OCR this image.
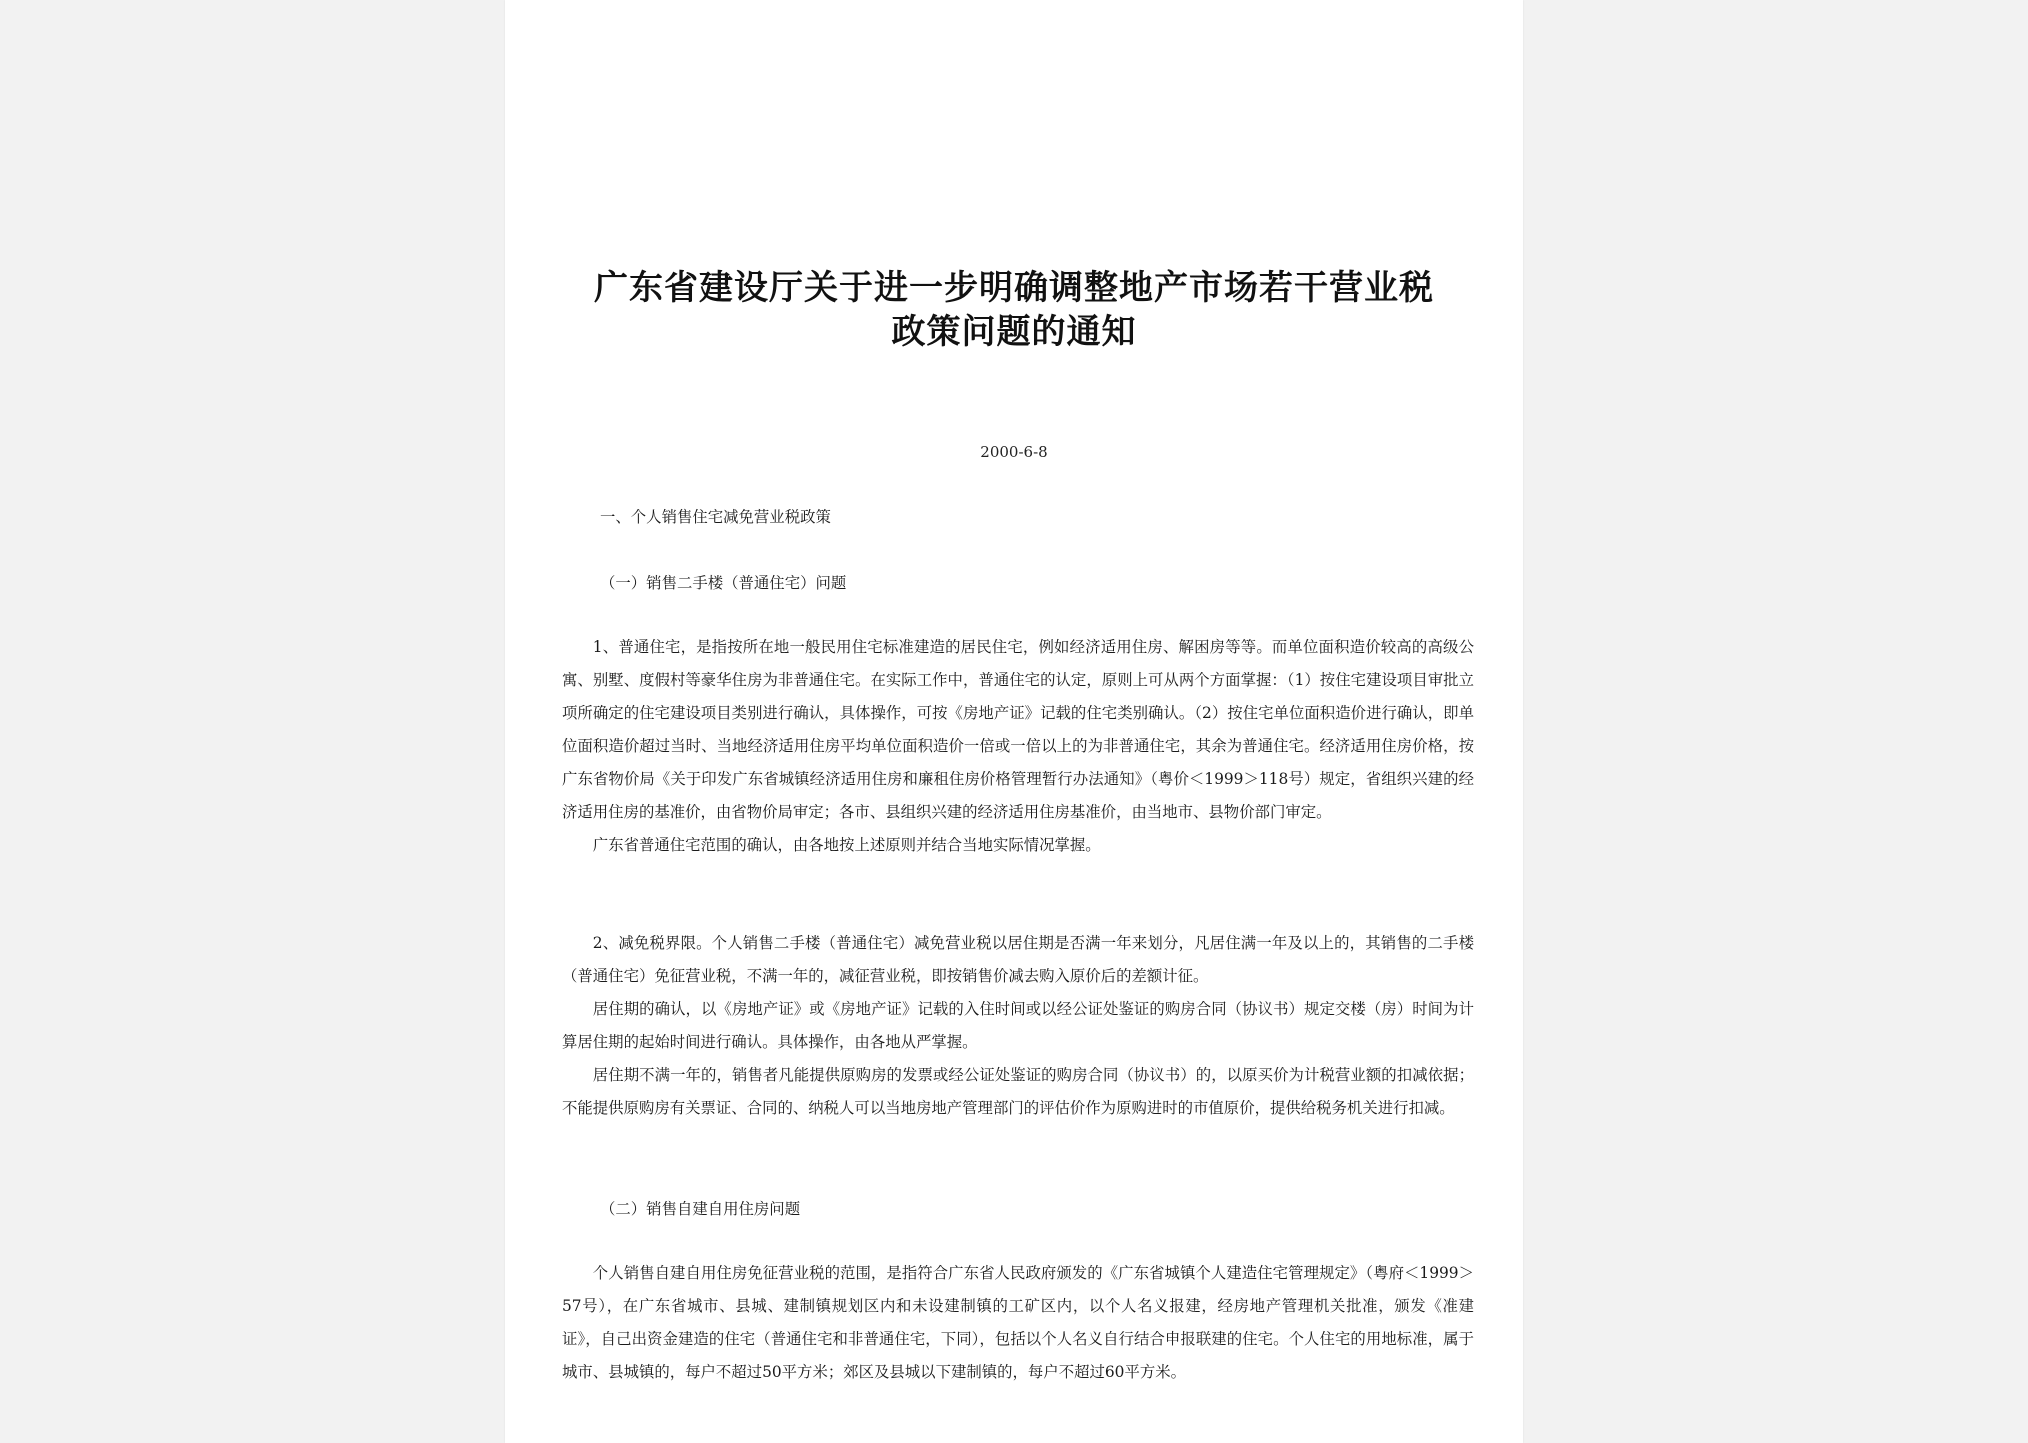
广东省建设厅关于进一步明确调整地产市场若干营业税
政策问题的通知
2000-6-8
一、个人销售住宅减免营业税政策
（一）销售二手楼（普通住宅）问题

1、普通住宅，是指按所在地一般民用住宅标准建造的居民住宅，例如经济适用住房、解困房等等。而单位面积造价较高的高级公寓、别墅、度假村等豪华住房为非普通住宅。在实际工作中，普通住宅的认定，原则上可从两个方面掌握：（1）按住宅建设项目审批立项所确定的住宅建设项目类别进行确认，具体操作，可按《房地产证》记载的住宅类别确认。（2）按住宅单位面积造价进行确认，即单位面积造价超过当时、当地经济适用住房平均单位面积造价一倍或一倍以上的为非普通住宅，其余为普通住宅。经济适用住房价格，按广东省物价局《关于印发广东省城镇经济适用住房和廉租住房价格管理暂行办法通知》（粤价＜1999＞118号）规定，省组织兴建的经济适用住房的基准价，由省物价局审定；各市、县组织兴建的经济适用住房基准价，由当地市、县物价部门审定。

广东省普通住宅范围的确认，由各地按上述原则并结合当地实际情况掌握。

2、减免税界限。个人销售二手楼（普通住宅）减免营业税以居住期是否满一年来划分，凡居住满一年及以上的，其销售的二手楼（普通住宅）免征营业税，不满一年的，减征营业税，即按销售价减去购入原价后的差额计征。

居住期的确认，以《房地产证》或《房地产证》记载的入住时间或以经公证处鉴证的购房合同（协议书）规定交楼（房）时间为计算居住期的起始时间进行确认。具体操作，由各地从严掌握。

居住期不满一年的，销售者凡能提供原购房的发票或经公证处鉴证的购房合同（协议书）的，以原买价为计税营业额的扣减依据；不能提供原购房有关票证、合同的、纳税人可以当地房地产管理部门的评估价作为原购进时的市值原价，提供给税务机关进行扣减。

（二）销售自建自用住房问题

个人销售自建自用住房免征营业税的范围，是指符合广东省人民政府颁发的《广东省城镇个人建造住宅管理规定》（粤府＜1999＞57号），在广东省城市、县城、建制镇规划区内和未设建制镇的工矿区内，以个人名义报建，经房地产管理机关批准，颁发《准建证》，自己出资金建造的住宅（普通住宅和非普通住宅，下同），包括以个人名义自行结合申报联建的住宅。个人住宅的用地标准，属于城市、县城镇的，每户不超过50平方米；郊区及县城以下建制镇的，每户不超过60平方米。
